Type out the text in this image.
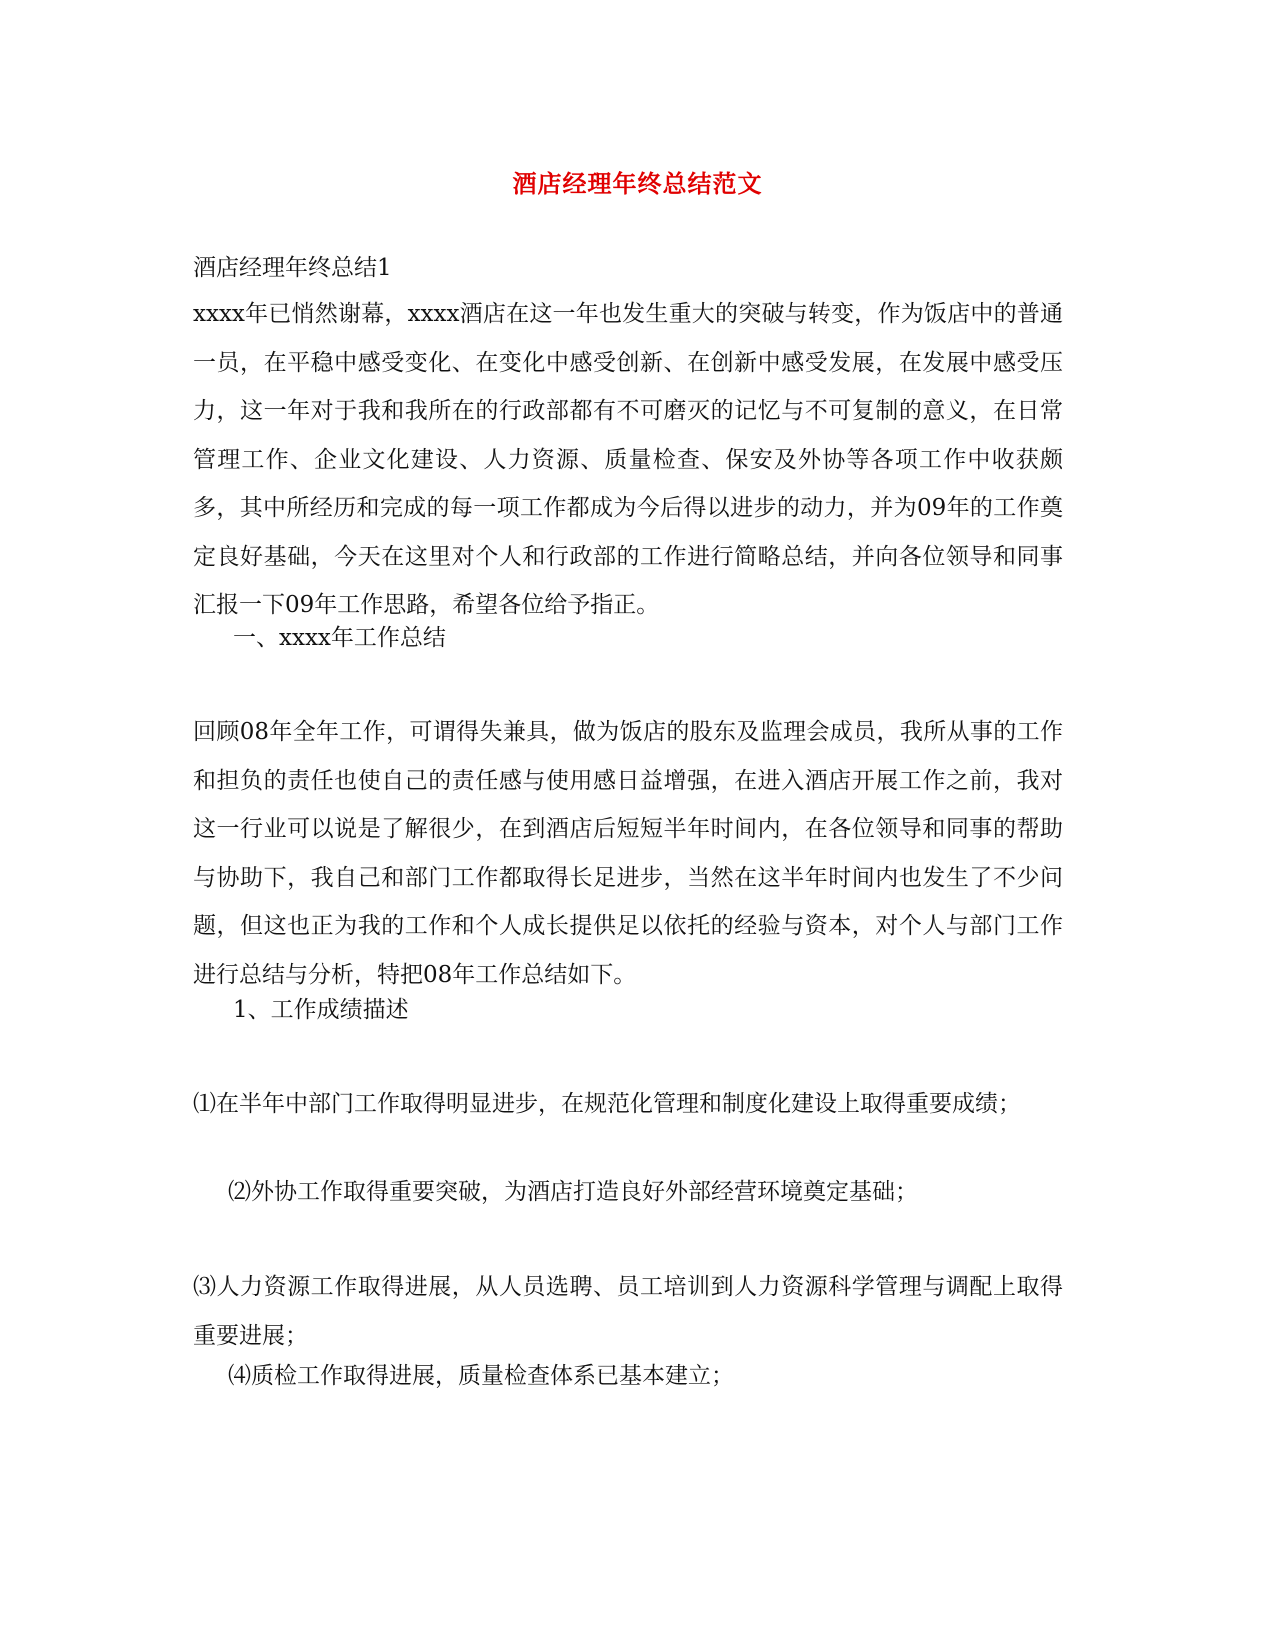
酒店经理年终总结范文
酒店经理年终总结1
xxxx年已悄然谢幕，xxxx酒店在这一年也发生重大的突破与转变，作为饭店中的普通一员，在平稳中感受变化、在变化中感受创新、在创新中感受发展，在发展中感受压力，这一年对于我和我所在的行政部都有不可磨灭的记忆与不可复制的意义，在日常管理工作、企业文化建设、人力资源、质量检查、保安及外协等各项工作中收获颇多，其中所经历和完成的每一项工作都成为今后得以进步的动力，并为09年的工作奠定良好基础，今天在这里对个人和行政部的工作进行简略总结，并向各位领导和同事汇报一下09年工作思路，希望各位给予指正。
一、xxxx年工作总结
回顾08年全年工作，可谓得失兼具，做为饭店的股东及监理会成员，我所从事的工作和担负的责任也使自己的责任感与使用感日益增强，在进入酒店开展工作之前，我对这一行业可以说是了解很少，在到酒店后短短半年时间内，在各位领导和同事的帮助与协助下，我自己和部门工作都取得长足进步，当然在这半年时间内也发生了不少问题，但这也正为我的工作和个人成长提供足以依托的经验与资本，对个人与部门工作进行总结与分析，特把08年工作总结如下。
1、工作成绩描述
⑴在半年中部门工作取得明显进步，在规范化管理和制度化建设上取得重要成绩；
⑵外协工作取得重要突破，为酒店打造良好外部经营环境奠定基础；
⑶人力资源工作取得进展，从人员选聘、员工培训到人力资源科学管理与调配上取得重要进展；
⑷质检工作取得进展，质量检查体系已基本建立；
